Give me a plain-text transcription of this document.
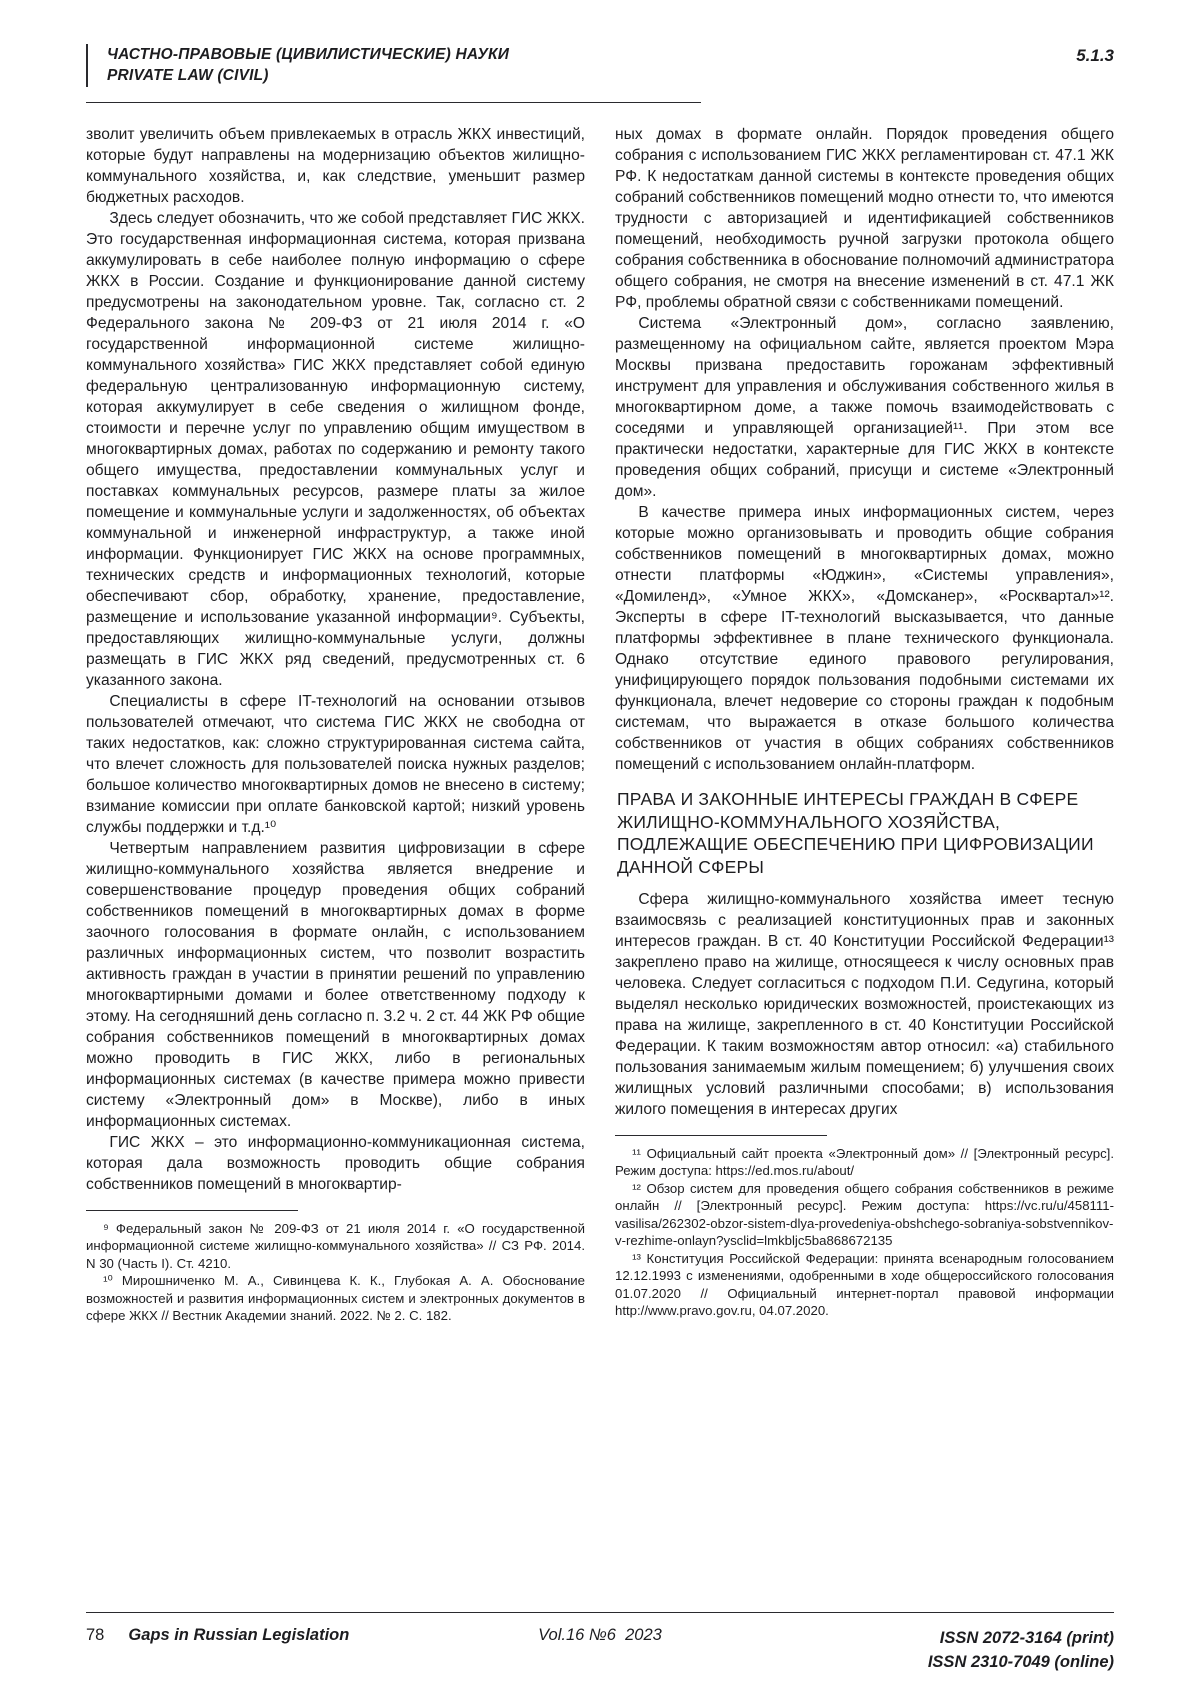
ЧАСТНО-ПРАВОВЫЕ (ЦИВИЛИСТИЧЕСКИЕ) НАУКИ
PRIVATE LAW (CIVIL)
5.1.3

зволит увеличить объем привлекаемых в отрасль ЖКХ инвестиций, которые будут направлены на модернизацию объектов жилищно-коммунального хозяйства, и, как следствие, уменьшит размер бюджетных расходов.

Здесь следует обозначить, что же собой представляет ГИС ЖКХ. Это государственная информационная система, которая призвана аккумулировать в себе наиболее полную информацию о сфере ЖКХ в России. Создание и функционирование данной систему предусмотрены на законодательном уровне. Так, согласно ст. 2 Федерального закона № 209-ФЗ от 21 июля 2014 г. «О государственной информационной системе жилищно-коммунального хозяйства» ГИС ЖКХ представляет собой единую федеральную централизованную информационную систему, которая аккумулирует в себе сведения о жилищном фонде, стоимости и перечне услуг по управлению общим имуществом в многоквартирных домах, работах по содержанию и ремонту такого общего имущества, предоставлении коммунальных услуг и поставках коммунальных ресурсов, размере платы за жилое помещение и коммунальные услуги и задолженностях, об объектах коммунальной и инженерной инфраструктур, а также иной информации. Функционирует ГИС ЖКХ на основе программных, технических средств и информационных технологий, которые обеспечивают сбор, обработку, хранение, предоставление, размещение и использование указанной информации⁹. Субъекты, предоставляющих жилищно-коммунальные услуги, должны размещать в ГИС ЖКХ ряд сведений, предусмотренных ст. 6 указанного закона.

Специалисты в сфере IT-технологий на основании отзывов пользователей отмечают, что система ГИС ЖКХ не свободна от таких недостатков, как: сложно структурированная система сайта, что влечет сложность для пользователей поиска нужных разделов; большое количество многоквартирных домов не внесено в систему; взимание комиссии при оплате банковской картой; низкий уровень службы поддержки и т.д.¹⁰

Четвертым направлением развития цифровизации в сфере жилищно-коммунального хозяйства является внедрение и совершенствование процедур проведения общих собраний собственников помещений в многоквартирных домах в форме заочного голосования в формате онлайн, с использованием различных информационных систем, что позволит возрастить активность граждан в участии в принятии решений по управлению многоквартирными домами и более ответственному подходу к этому. На сегодняшний день согласно п. 3.2 ч. 2 ст. 44 ЖК РФ общие собрания собственников помещений в многоквартирных домах можно проводить в ГИС ЖКХ, либо в региональных информационных системах (в качестве примера можно привести систему «Электронный дом» в Москве), либо в иных информационных системах.

ГИС ЖКХ – это информационно-коммуникационная система, которая дала возможность проводить общие собрания собственников помещений в многоквартир-

⁹ Федеральный закон № 209-ФЗ от 21 июля 2014 г. «О государственной информационной системе жилищно-коммунального хозяйства» // СЗ РФ. 2014. N 30 (Часть I). Ст. 4210.

¹⁰ Мирошниченко М. А., Сивинцева К. К., Глубокая А. А. Обоснование возможностей и развития информационных систем и электронных документов в сфере ЖКХ // Вестник Академии знаний. 2022. № 2. С. 182.

ных домах в формате онлайн. Порядок проведения общего собрания с использованием ГИС ЖКХ регламентирован ст. 47.1 ЖК РФ. К недостаткам данной системы в контексте проведения общих собраний собственников помещений модно отнести то, что имеются трудности с авторизацией и идентификацией собственников помещений, необходимость ручной загрузки протокола общего собрания собственника в обоснование полномочий администратора общего собрания, не смотря на внесение изменений в ст. 47.1 ЖК РФ, проблемы обратной связи с собственниками помещений.

Система «Электронный дом», согласно заявлению, размещенному на официальном сайте, является проектом Мэра Москвы призвана предоставить горожанам эффективный инструмент для управления и обслуживания собственного жилья в многоквартирном доме, а также помочь взаимодействовать с соседями и управляющей организацией¹¹. При этом все практически недостатки, характерные для ГИС ЖКХ в контексте проведения общих собраний, присущи и системе «Электронный дом».

В качестве примера иных информационных систем, через которые можно организовывать и проводить общие собрания собственников помещений в многоквартирных домах, можно отнести платформы «Юджин», «Системы управления», «Домиленд», «Умное ЖКХ», «Домсканер», «Росквартал»¹². Эксперты в сфере IT-технологий высказывается, что данные платформы эффективнее в плане технического функционала. Однако отсутствие единого правового регулирования, унифицирующего порядок пользования подобными системами их функционала, влечет недоверие со стороны граждан к подобным системам, что выражается в отказе большого количества собственников от участия в общих собраниях собственников помещений с использованием онлайн-платформ.

ПРАВА И ЗАКОННЫЕ ИНТЕРЕСЫ ГРАЖДАН В СФЕРЕ ЖИЛИЩНО-КОММУНАЛЬНОГО ХОЗЯЙСТВА, ПОДЛЕЖАЩИЕ ОБЕСПЕЧЕНИЮ ПРИ ЦИФРОВИЗАЦИИ ДАННОЙ СФЕРЫ

Сфера жилищно-коммунального хозяйства имеет тесную взаимосвязь с реализацией конституционных прав и законных интересов граждан. В ст. 40 Конституции Российской Федерации¹³ закреплено право на жилище, относящееся к числу основных прав человека. Следует согласиться с подходом П.И. Седугина, который выделял несколько юридических возможностей, проистекающих из права на жилище, закрепленного в ст. 40 Конституции Российской Федерации. К таким возможностям автор относил: «а) стабильного пользования занимаемым жилым помещением; б) улучшения своих жилищных условий различными способами; в) использования жилого помещения в интересах других

¹¹ Официальный сайт проекта «Электронный дом» // [Электронный ресурс]. Режим доступа: https://ed.mos.ru/about/

¹² Обзор систем для проведения общего собрания собственников в режиме онлайн // [Электронный ресурс]. Режим доступа: https://vc.ru/u/458111-vasilisa/262302-obzor-sistem-dlya-provedeniya-obshchego-sobraniya-sobstvennikov-v-rezhime-onlayn?ysclid=lmkbljc5ba868672135

¹³ Конституция Российской Федерации: принята всенародным голосованием 12.12.1993 с изменениями, одобренными в ходе общероссийского голосования 01.07.2020 // Официальный интернет-портал правовой информации http://www.pravo.gov.ru, 04.07.2020.

78 Gaps in Russian Legislation	Vol.16 №6  2023	ISSN 2072-3164 (print)
ISSN 2310-7049 (online)
